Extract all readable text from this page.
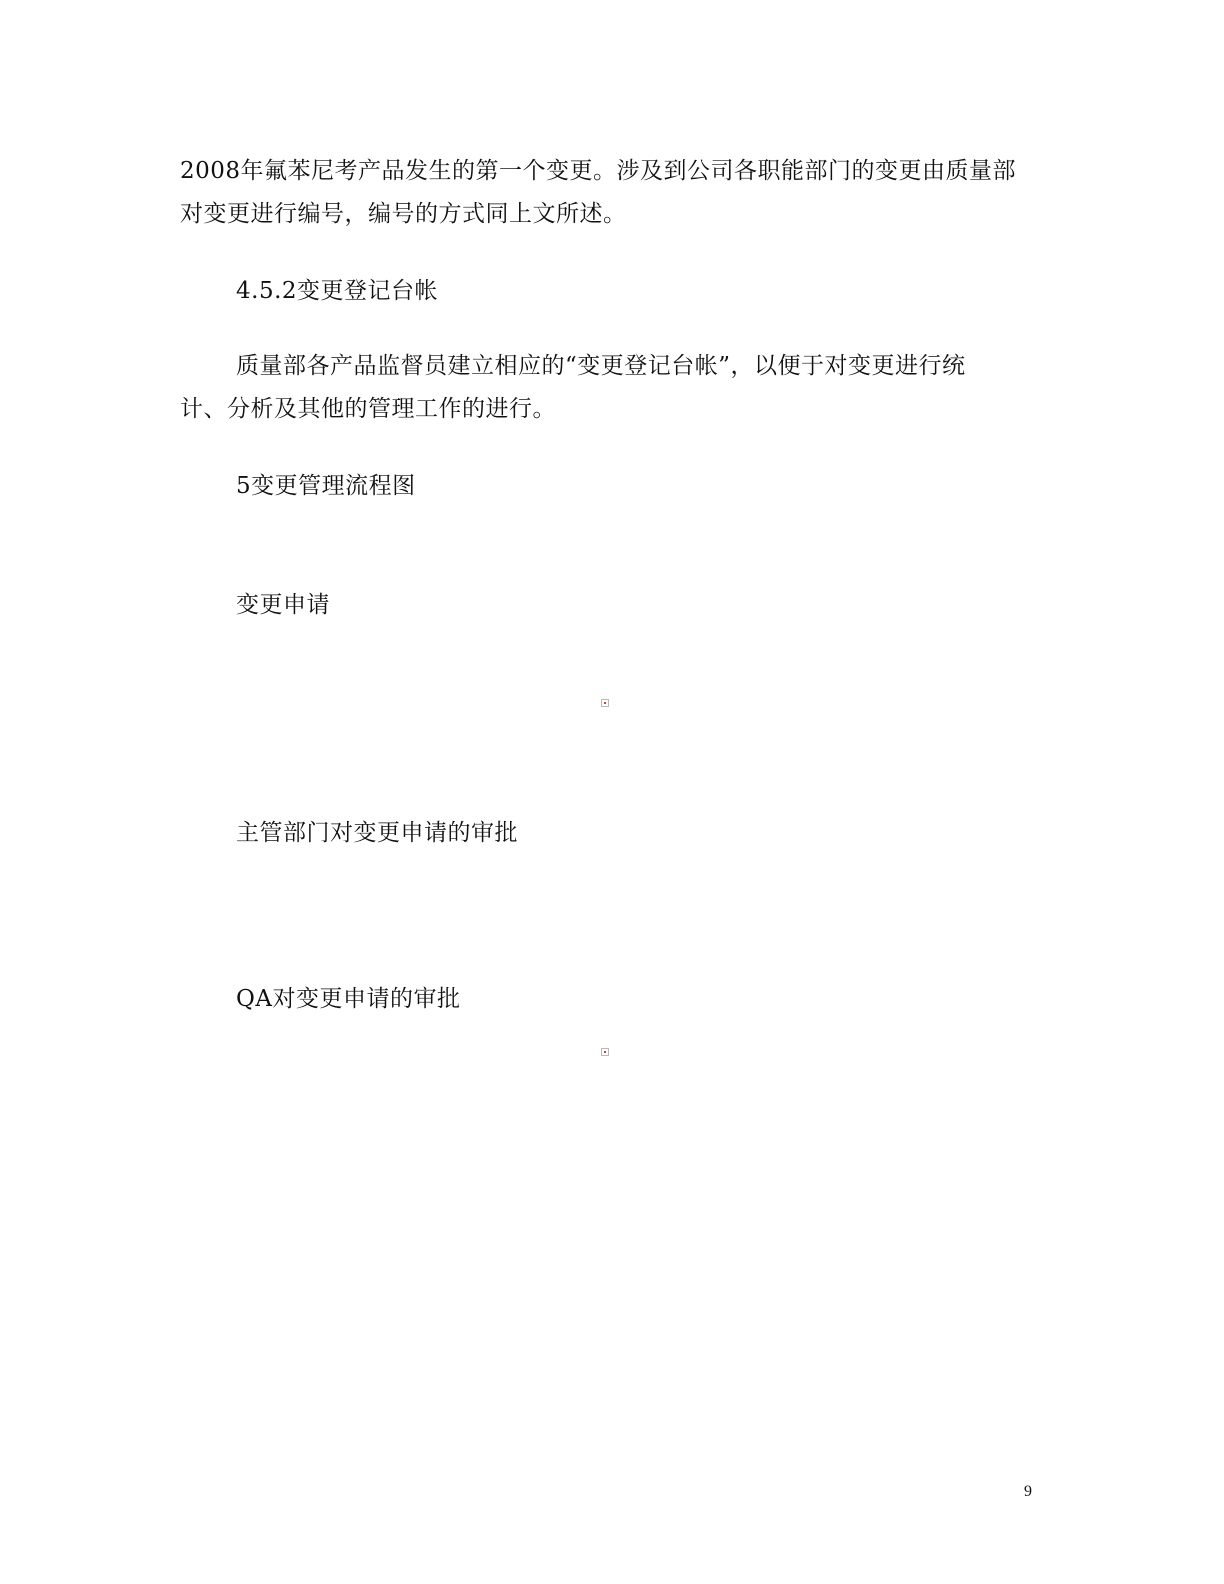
2008年氟苯尼考产品发生的第一个变更。涉及到公司各职能部门的变更由质量部
对变更进行编号，编号的方式同上文所述。
4.5.2变更登记台帐
质量部各产品监督员建立相应的“变更登记台帐”，以便于对变更进行统
计、分析及其他的管理工作的进行。
5变更管理流程图
变更申请
主管部门对变更申请的审批
QA对变更申请的审批
9
